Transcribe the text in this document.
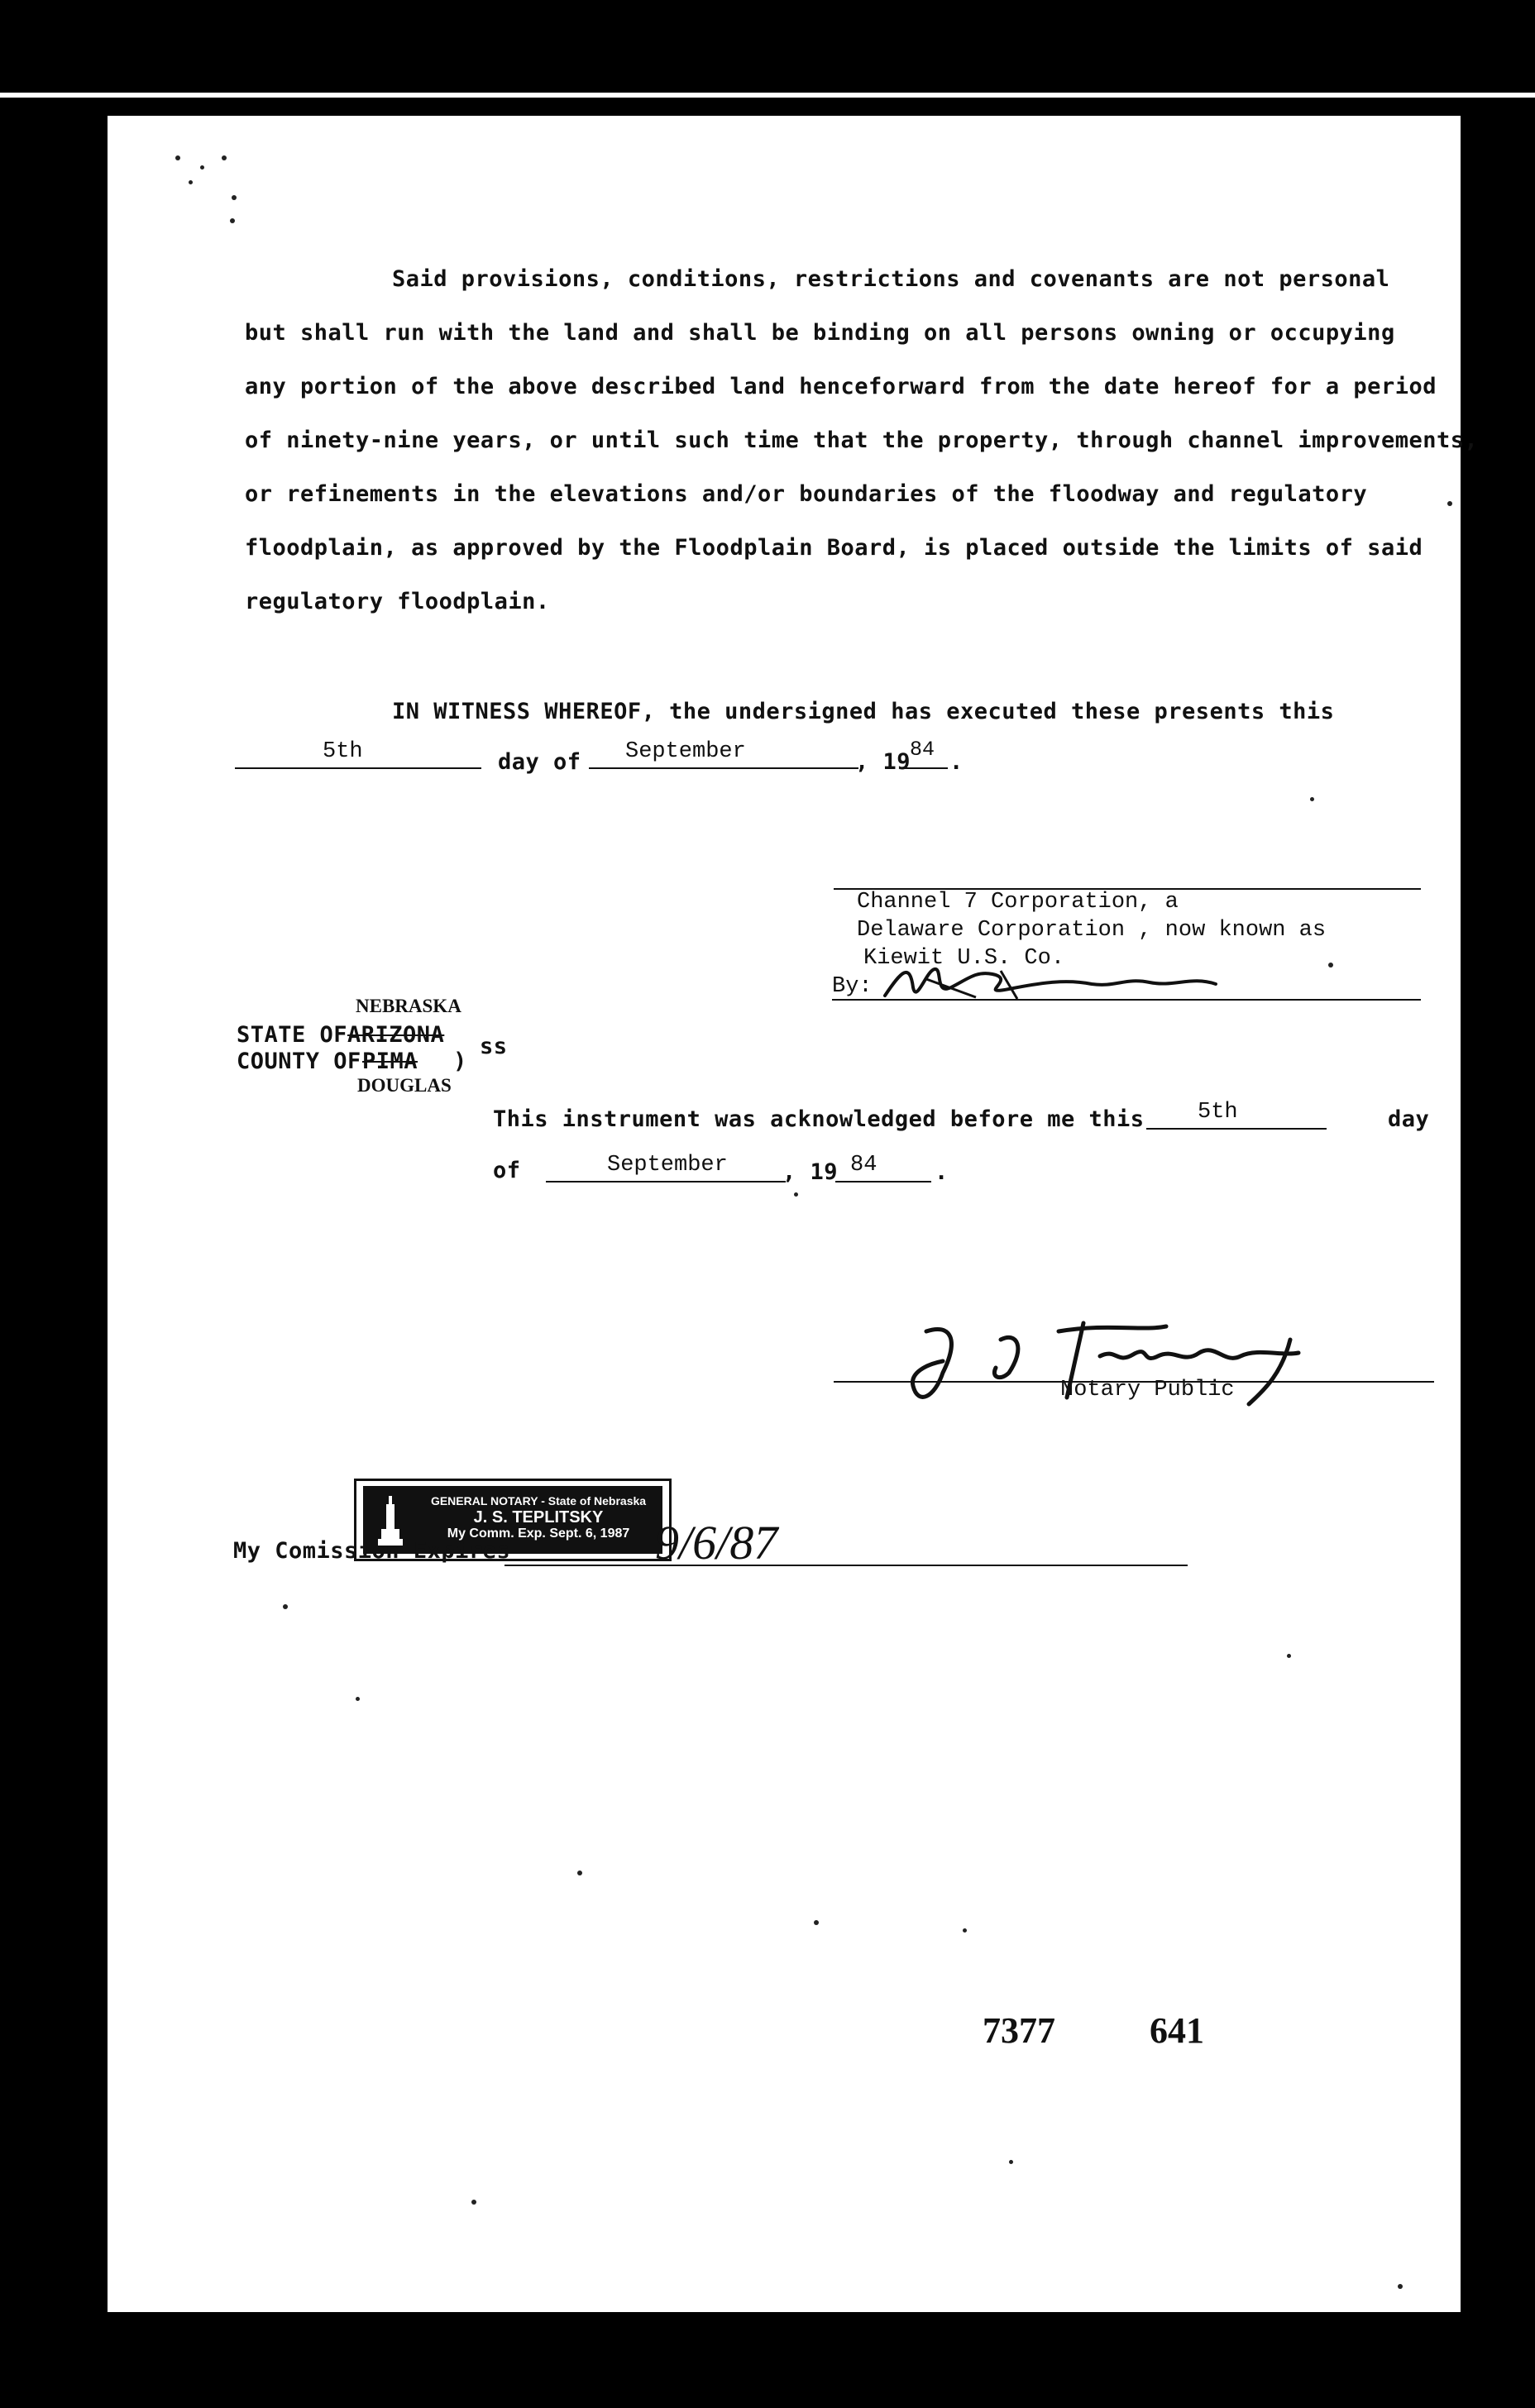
Said provisions, conditions, restrictions and covenants are not personal
but shall run with the land and shall be binding on all persons owning or occupying
any portion of the above described land henceforward from the date hereof for a period
of ninety-nine years, or until such time that the property, through channel improvements,
or refinements in the elevations and/or boundaries of the floodway and regulatory
floodplain, as approved by the Floodplain Board, is placed outside the limits of said
regulatory floodplain.
IN WITNESS WHEREOF, the undersigned has executed these presents this
5th	day of September	, 19
84 .
Channel 7 Corporation, a
Delaware Corporation , now known as
Kiewit U.S. Co.
By:
NEBRASKA
STATE OF ARIZONA
COUNTY OF PIMA )
ss
DOUGLAS
This instrument was acknowledged before me this 5th	day
of	September , 19 84	.
GENERAL NOTARY - State of Nebraska
J. S. TEPLITSKY
My Comm. Exp. Sept. 6, 1987
Notary Public
My Comission Expires	9/6/87
7377	641
